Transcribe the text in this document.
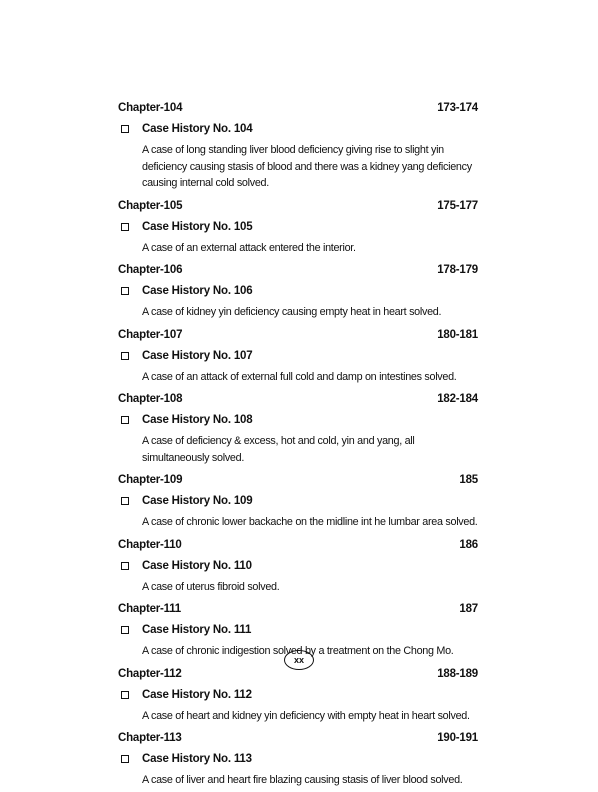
Chapter-104	173-174
Case History No. 104
A case of long standing liver blood deficiency giving rise to slight yin deficiency causing stasis of blood and there was a kidney yang deficiency causing internal cold solved.
Chapter-105	175-177
Case History No. 105
A case of an external attack entered the interior.
Chapter-106	178-179
Case History No. 106
A case of kidney yin deficiency causing empty heat in heart solved.
Chapter-107	180-181
Case History No. 107
A case of an attack of external full cold and damp on intestines solved.
Chapter-108	182-184
Case History No. 108
A case of deficiency & excess, hot and cold, yin and yang, all simultaneously solved.
Chapter-109	185
Case History No. 109
A case of chronic lower backache on the midline int he lumbar area solved.
Chapter-110	186
Case History No. 110
A case of uterus fibroid solved.
Chapter-111	187
Case History No. 111
A case of chronic indigestion solved by a treatment on the Chong Mo.
Chapter-112	188-189
Case History No. 112
A case of heart and kidney yin deficiency with empty heat in heart solved.
Chapter-113	190-191
Case History No. 113
A case of liver and heart fire blazing causing stasis of liver blood solved.
xx
